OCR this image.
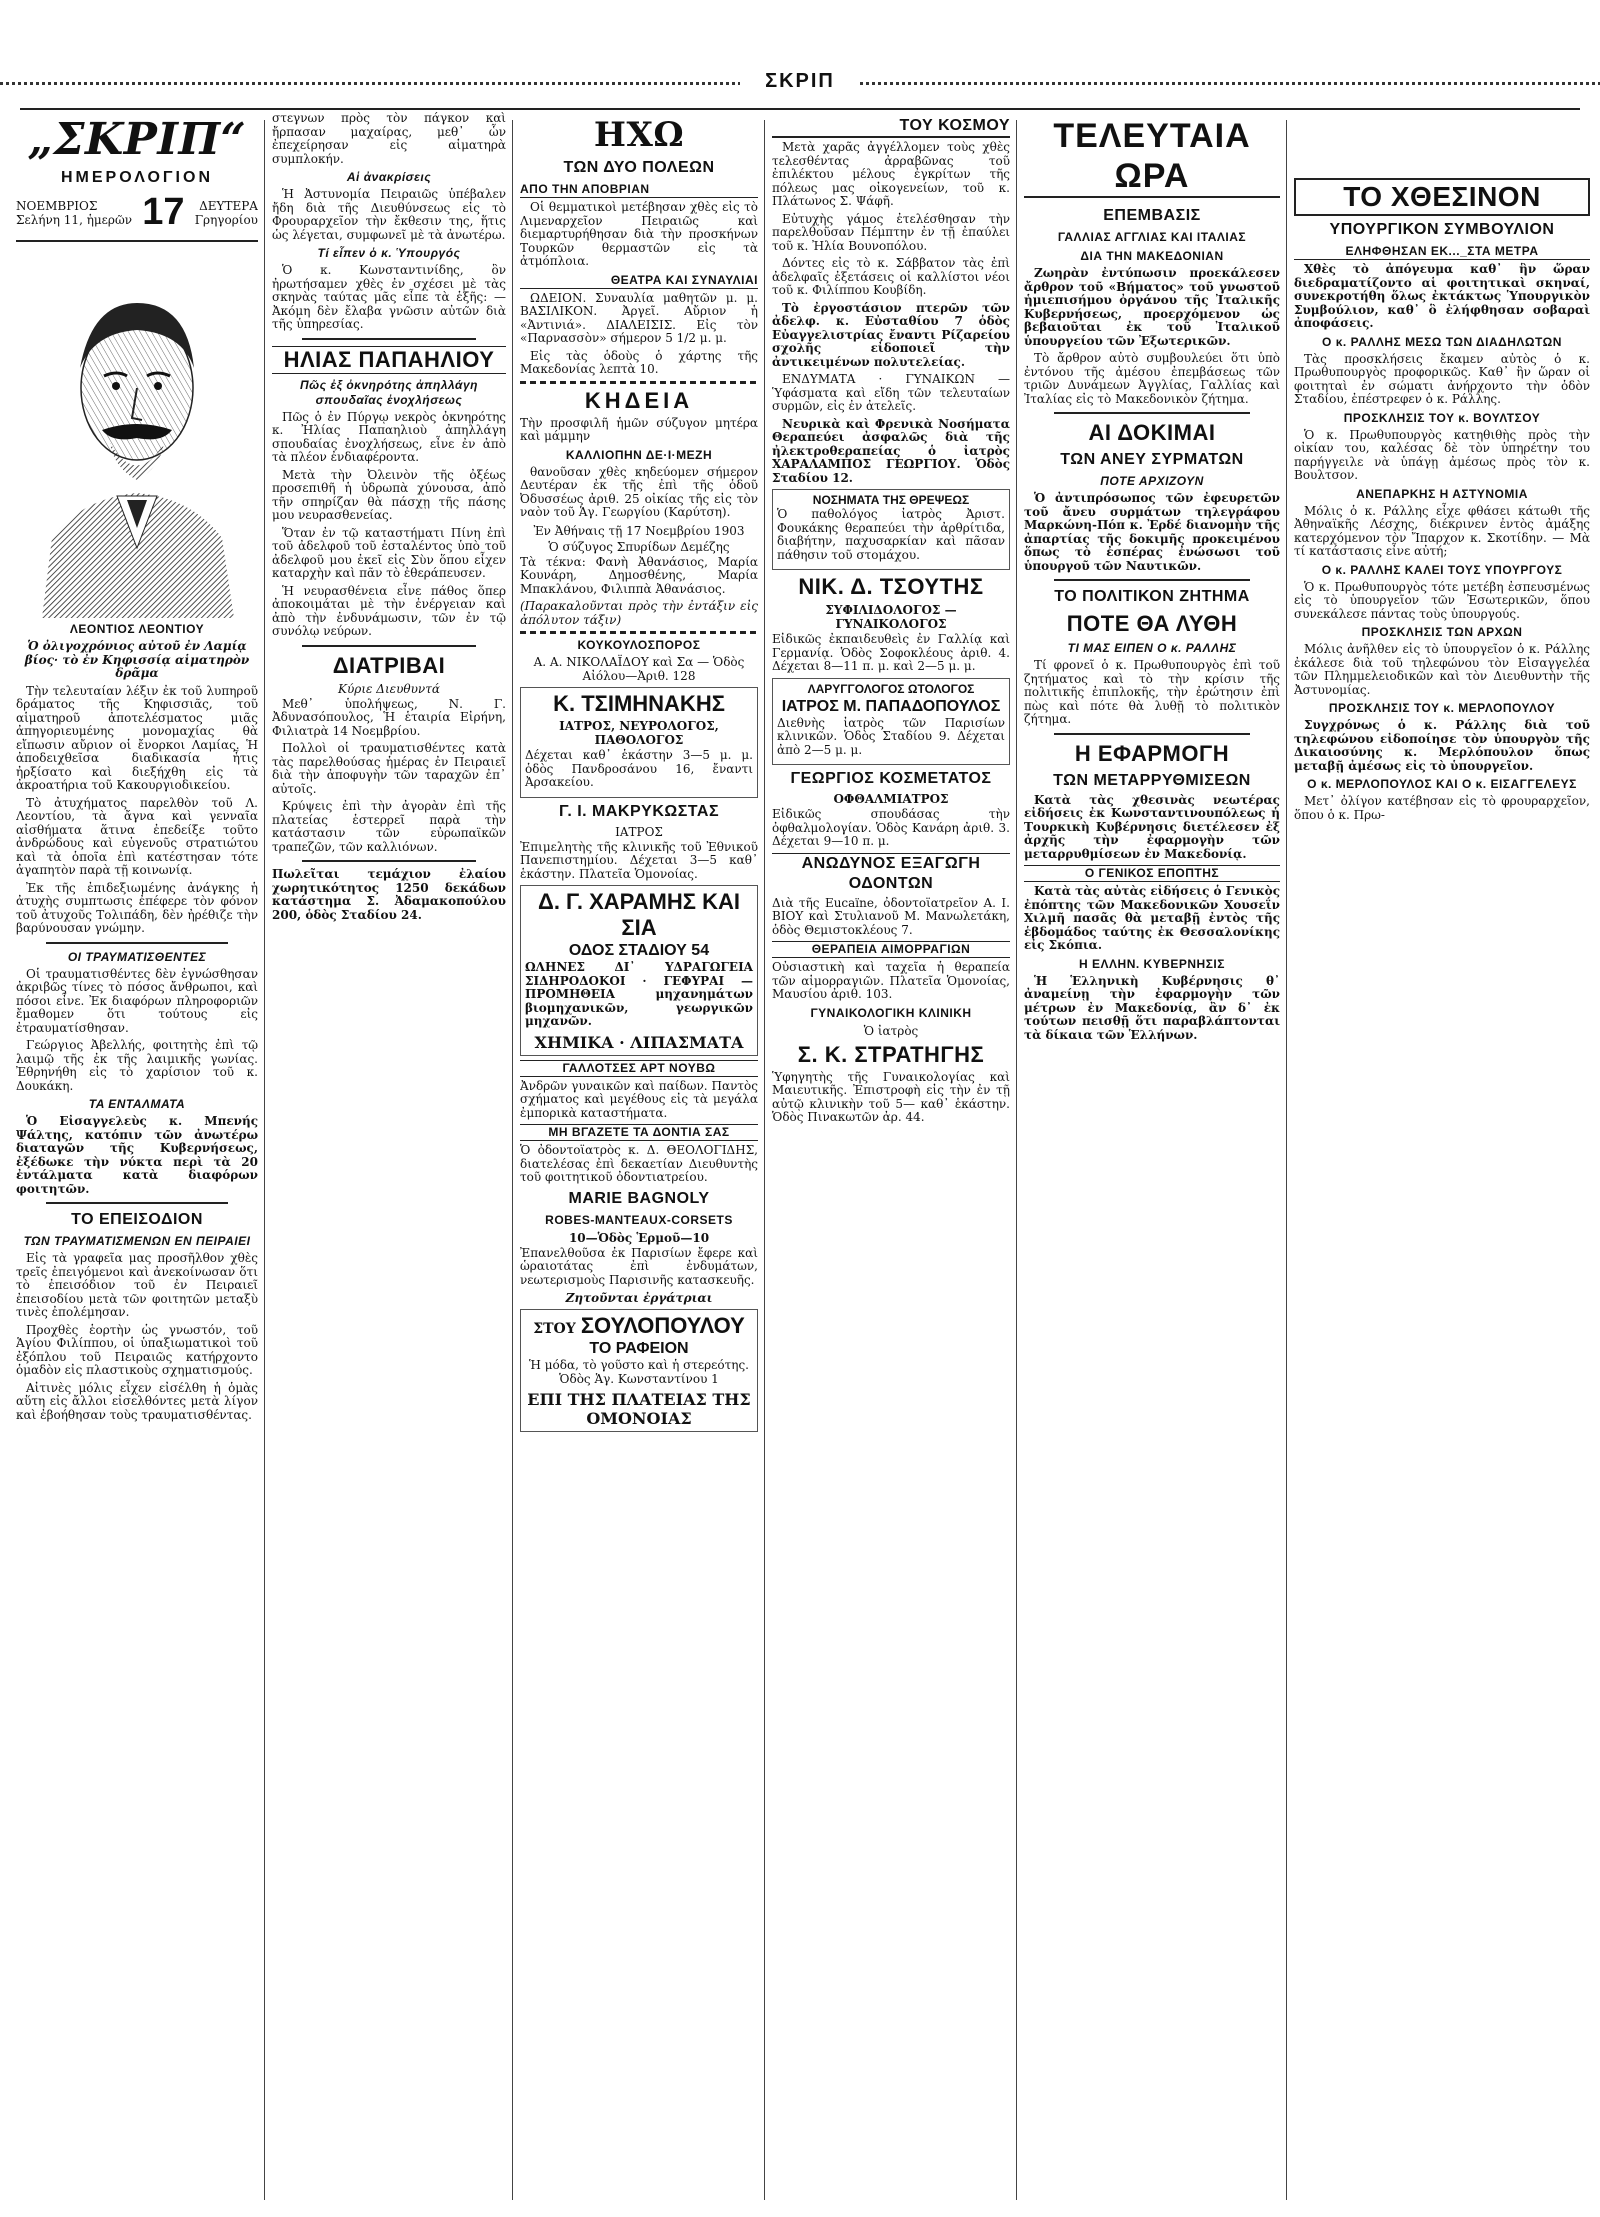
ΣΚΡΙΠ
„ΣΚΡΙΠ“
ΗΜΕΡΟΛΟΓΙΟΝ
ΝΟΕΜΒΡΙΟΣ
Σελήνη 11, ἡμερῶν 17	ΔΕΥΤΕΡΑ
Γρηγορίου
ΛΕΟΝΤΙΟΣ ΛΕΟΝΤΙΟΥ

Ὁ ὀλιγοχρόνιος αὐτοῦ ἐν Λαμίᾳ βίος· τὸ ἐν Κηφισσίᾳ αἱματηρὸν δρᾶμα

Τὴν τελευταίαν λέξιν ἐκ τοῦ λυπηροῦ δράματος τῆς Κηφισσιᾶς, τοῦ αἱματηροῦ ἀποτελέσματος μιᾶς ἀπηγοριευμένης μονομαχίας θὰ εἴπωσιν αὔριον οἱ ἔνορκοι Λαμίας. Ἡ ἀποδειχθεῖσα διαδικασία ἧτις ἠρξίσατο καὶ διεξήχθη εἰς τὰ ἀκροατήρια τοῦ Κακουργιοδικείου.

Τὸ ἀτυχήματος παρελθὸν τοῦ Λ. Λεοντίου, τὰ ἄγνα καὶ γενναῖα αἰσθήματα ἅτινα ἐπεδείξε τοῦτο ἀνδρώδους καὶ εὐγενοῦς στρατιώτου καὶ τὰ ὁποῖα ἐπὶ κατέστησαν τότε ἀγαπητὸν παρὰ τῇ κοινωνίᾳ.

Ἐκ τῆς ἐπιδεξιωμένης ἀνάγκης ἡ ἀτυχὴς συμπτωσις ἐπέφερε τὸν φόνον τοῦ ἀτυχοῦς Τολιπάδη, δὲν ἠρέθιζε τὴν βαρύνουσαν γνώμην.

ΟΙ ΤΡΑΥΜΑΤΙΣΘΕΝΤΕΣ

Οἱ τραυματισθέντες δὲν ἐγνώσθησαν ἀκριβῶς τίνες τὸ πόσος ἄνθρωποι, καὶ πόσοι εἶνε. Ἐκ διαφόρων πληροφοριῶν ἔμαθομεν ὅτι τούτους εἰς ἐτραυματίσθησαν.

Γεώργιος Ἀβελλής, φοιτητὴς ἐπὶ τῷ λαιμῷ τῆς ἐκ τῆς λαιμικῆς γωνίας. Ἐθρηνήθη εἰς τὸ χαρίσιον τοῦ κ. Δουκάκη.

ΤΑ ΕΝΤΑΛΜΑΤΑ

Ὁ Εἰσαγγελεὺς κ. Μπενής Ψάλτης, κατόπιν τῶν ἀνωτέρω διαταγῶν τῆς Κυβερνήσεως, ἐξέδωκε τὴν νύκτα περὶ τὰ 20 ἐντάλματα κατὰ διαφόρων φοιτητῶν.

ΤΟ ΕΠΕΙΣΟΔΙΟΝ
ΤΩΝ ΤΡΑΥΜΑΤΙΣΜΕΝΩΝ ΕΝ ΠΕΙΡΑΙΕΙ

Εἰς τὰ γραφεῖα μας προσῆλθον χθὲς τρεῖς ἐπειγόμενοι καὶ ἀνεκοίνωσαν ὅτι τὸ ἐπεισόδιον τοῦ ἐν Πειραιεῖ ἐπεισοδίου μετὰ τῶν φοιτητῶν μεταξὺ τινὲς ἐπολέμησαν.

Προχθὲς ἑορτὴν ὡς γνωστόν, τοῦ Ἁγίου Φιλίππου, οἱ ὑπαξιωματικοὶ τοῦ ἐξόπλου τοῦ Πειραιῶς κατήρχοντο ὁμαδὸν εἰς πλαστικοὺς σχηματισμούς.

Αἰτινὲς μόλις εἶχεν εἰσέλθη ἡ ὁμὰς αὕτη εἰς ἄλλοι εἰσελθόντες μετὰ λίγον καὶ ἐβοήθησαν τοὺς τραυματισθέντας.

στεγνων πρὸς τὸν πάγκον καὶ ἤρπασαν μαχαίρας, μεθ᾽ ὧν ἐπεχείρησαν εἰς αἱματηρὰ συμπλοκήν.

Αἱ ἀνακρίσεις

Ἡ Ἀστυνομία Πειραιῶς ὑπέβαλεν ἤδη διὰ τῆς Διευθύνσεως εἰς τὸ Φρουραρχεῖον τὴν ἔκθεσιν της, ἥτις ὡς λέγεται, συμφωνεῖ μὲ τὰ ἀνωτέρω.

Τί εἶπεν ὁ κ. Ὑπουργός

Ὁ κ. Κωνσταντινίδης, ὃν ἠρωτήσαμεν χθὲς ἐν σχέσει μὲ τὰς σκηνὰς ταύτας μᾶς εἶπε τὰ ἑξῆς: — Ἀκόμη δὲν ἔλαβα γνῶσιν αὐτῶν διὰ τῆς ὑπηρεσίας.

ΗΛΙΑΣ ΠΑΠΑΗΛΙΟΥ
Πῶς ἐξ ὀκνηρότης ἀπηλλάγη σπουδαῖας ἐνοχλήσεως

Πῶς ὁ ἐν Πύργῳ νεκρὸς ὀκνηρότης κ. Ἠλίας Παπαηλιοὺ ἀπηλλάγη σπουδαίας ἐνοχλήσεως, εἶνε ἐν ἀπὸ τὰ πλέον ἐνδιαφέροντα.

Μετὰ τὴν Ὀλεινὸν τῆς ὀξέως προσεπιθῆ ἡ ὑδρωπὰ χύνουσα, ἀπὸ τῆν σπηρίζαν θὰ πάσχῃ τῆς πάσης μου νευρασθενείας.

Ὅταν ἐν τῷ καταστήματι Πίνη ἐπὶ τοῦ ἀδελφοῦ τοῦ ἐσταλέντος ὑπὸ τοῦ ἀδελφοῦ μου ἐκεῖ εἰς Σὺν ὅπου εἶχεν καταρχὴν καὶ πᾶν τὸ ἐθεράπευσεν.

Ἡ νευρασθένεια εἶνε πάθος ὅπερ ἀποκοιμάται μὲ τὴν ἐνέργειαν καὶ ἀπὸ τὴν ἐνδυνάμωσιν, τῶν ἐν τῷ συνόλῳ νεύρων.

ΔΙΑΤΡΙΒΑΙ
Κύριε Διευθυντά

Μεθ᾽ ὑπολήψεως, Ν. Γ. Ἀδυνασόπουλος, Ἡ ἑταιρία Εἰρήνη, Φιλιατρὰ 14 Νοεμβρίου.

Πολλοὶ οἱ τραυματισθέντες κατὰ τὰς παρελθούσας ἡμέρας ἐν Πειραιεῖ διὰ τὴν ἀποφυγὴν τῶν ταραχῶν ἐπ᾽ αὐτοῖς.

Κρύψεις ἐπὶ τὴν ἀγορὰν ἐπὶ τῆς πλατείας ἑστερρεῖ παρὰ τὴν κατάστασιν τῶν εὐρωπαϊκῶν τραπεζῶν, τῶν καλλιόνων.

Πωλεῖται τεμάχιον ἐλαίου χωρητικότητος 1250 δεκάδων κατάστημα Σ. Ἀδαμακοπούλου 200, ὁδὸς Σταδίου 24.

ΗΧΩ
ΤΩΝ ΔΥΟ ΠΟΛΕΩΝ
ΑΠΟ ΤΗΝ ΑΠΟΒΡΙΑΝ

Οἱ θεμματικοὶ μετέβησαν χθὲς εἰς τὸ Λιμεναρχεῖον Πειραιῶς καὶ διεμαρτυρήθησαν διὰ τὴν προσκήνων Τουρκῶν θερμαστῶν εἰς τὰ ἀτμόπλοια.

ΘΕΑΤΡΑ ΚΑΙ ΣΥΝΑΥΛΙΑΙ

ΩΔΕΙΟΝ. Συναυλία μαθητῶν μ. μ. ΒΑΣΙΛΙΚΟΝ. Ἀργεῖ. Αὔριον ἡ «Ἀντινιά». ΔΙΑΛΕΙΣΙΣ. Εἰς τὸν «Παρνασσὸν» σήμερον 5 1/2 μ. μ.

Εἰς τὰς ὁδοὺς ὁ χάρτης τῆς Μακεδονίας λεπτὰ 10.

ΚΗΔΕΙΑ

Τὴν προσφιλῆ ἡμῶν σύζυγον μητέρα καὶ μάμμην

ΚΑΛΛΙΟΠΗΝ ΔΕ·Ι·ΜΕΖΗ

θανοῦσαν χθὲς κηδεύομεν σήμερον Δευτέραν ἐκ τῆς ἐπὶ τῆς ὁδοῦ Ὀδυσσέως ἀριθ. 25 οἰκίας τῆς εἰς τὸν ναὸν τοῦ Ἁγ. Γεωργίου (Καρύτση).

Ἐν Ἀθήναις τῇ 17 Νοεμβρίου 1903
Ὁ σύζυγος Σπυρίδων Δεμέζης

Τὰ τέκνα: Φανὴ Ἀθανάσιος, Μαρία Κουνάρη, Δημοσθένης, Μαρία Μπακλάνου, Φιλιππὰ Ἀθανάσιος.

(Παρακαλοῦνται πρὸς τὴν ἐντάξιν εἰς ἀπόλυτον τάξιν)

ΚΟΥΚΟΥΛΟΣΠΟΡΟΣ

Α. Α. ΝΙΚΟΛΑΪΔΟΥ καὶ Σα — Ὁδὸς Αἰόλου—Ἀριθ. 128

Κ. ΤΣΙΜΗΝΑΚΗΣ
ΙΑΤΡΟΣ, ΝΕΥΡΟΛΟΓΟΣ, ΠΑΘΟΛΟΓΟΣ

Δέχεται καθ᾽ ἑκάστην 3—5 μ. μ. ὁδὸς Πανδροσάνου 16, ἔναντι Ἀρσακείου.

Γ. Ι. ΜΑΚΡΥΚΩΣΤΑΣ
ΙΑΤΡΟΣ

Ἐπιμελητὴς τῆς κλινικῆς τοῦ Ἐθνικοῦ Πανεπιστημίου. Δέχεται 3—5 καθ᾽ ἑκάστην. Πλατεῖα Ὁμονοίας.

Δ. Γ. ΧΑΡΑΜΗΣ ΚΑΙ ΣΙΑ
ΟΔΟΣ ΣΤΑΔΙΟΥ 54

ΩΛΗΝΕΣ ΔΙ᾽ ΥΔΡΑΓΩΓΕΙΑ ΣΙΔΗΡΟΔΟΚΟΙ · ΓΕΦΥΡΑΙ — ΠΡΟΜΗΘΕΙΑ μηχανημάτων βιομηχανικῶν, γεωργικῶν μηχανῶν.

ΧΗΜΙΚΑ · ΛΙΠΑΣΜΑΤΑ
ΓΑΛΛΟΤΣΕΣ ΑΡΤ ΝΟΥΒΩ

Ἀνδρῶν γυναικῶν καὶ παίδων. Παντὸς σχήματος καὶ μεγέθους εἰς τὰ μεγάλα ἐμπορικὰ καταστήματα.

ΜΗ ΒΓΑΖΕΤΕ ΤΑ ΔΟΝΤΙΑ ΣΑΣ

Ὁ ὀδοντοϊατρὸς κ. Δ. ΘΕΟΛΟΓΙΔΗΣ, διατελέσας ἐπὶ δεκαετίαν Διευθυντὴς τοῦ φοιτητικοῦ ὀδοντιατρείου.

MARIE BAGNOLY
ROBES-MANTEAUX-CORSETS
10—Ὁδὸς Ἑρμοῦ—10

Ἐπανελθοῦσα ἐκ Παρισίων ἔφερε καὶ ὡραιοτάτας ἐπὶ ἐνδυμάτων, νεωτερισμοὺς Παρισινῆς κατασκευῆς.

Ζητοῦνται ἐργάτριαι
ΣΤΟΥ ΣΟΥΛΟΠΟΥΛΟΥ
ΤΟ ΡΑΦΕΙΟΝ

Ἡ μόδα, τὸ γοῦστο καὶ ἡ στερεότης. Ὁδὸς Ἁγ. Κωνσταντίνου 1

ΕΠΙ ΤΗΣ ΠΛΑΤΕΙΑΣ ΤΗΣ ΟΜΟΝΟΙΑΣ
ΤΟΥ ΚΟΣΜΟΥ

Μετὰ χαρᾶς ἀγγέλλομεν τοὺς χθὲς τελεσθέντας ἀρραβῶνας τοῦ ἐπιλέκτου μέλους ἐγκρίτων τῆς πόλεως μας οἰκογενείων, τοῦ κ. Πλάτωνος Σ. Ψάφῆ.

Εὐτυχὴς γάμος ἐτελέσθησαν τὴν παρελθοῦσαν Πέμπτην ἐν τῇ ἐπαύλει τοῦ κ. Ἠλία Βουνοπόλου.

Δόντες εἰς τὸ κ. Σάββατον τὰς ἐπὶ ἀδελφαῖς ἐξετάσεις οἱ καλλίστοι νέοι τοῦ κ. Φιλίππου Κουβίδη.

Τὸ ἐργοστάσιον πτερῶν τῶν ἀδελφ. κ. Εὐσταθίου 7 ὁδὸς Εὐαγγελιστρίας ἔναντι Ρίζαρείου σχολῆς εἰδοποιεῖ τὴν ἀντικειμένων πολυτελείας.

ΕΝΔΥΜΑΤΑ · ΓΥΝΑΙΚΩΝ — Ὑφάσματα καὶ εἴδη τῶν τελευταίων συρμῶν, εἰς ἐν ἀτελεῖς.

Νευρικὰ καὶ Φρενικὰ Νοσήματα Θεραπεύει ἀσφαλῶς διὰ τῆς ἠλεκτροθεραπείας ὁ ἰατρὸς ΧΑΡΑΛΑΜΠΟΣ ΓΕΩΡΓΙΟΥ. Ὁδὸς Σταδίου 12.

ΝΟΣΗΜΑΤΑ ΤΗΣ ΘΡΕΨΕΩΣ

Ὁ παθολόγος ἰατρὸς Ἀριστ. Φουκάκης θεραπεύει τὴν ἀρθρίτιδα, διαβήτην, παχυσαρκίαν καὶ πᾶσαν πάθησιν τοῦ στομάχου.

ΝΙΚ. Δ. ΤΣΟΥΤΗΣ
ΣΥΦΙΛΙΔΟΛΟΓΟΣ — ΓΥΝΑΙΚΟΛΟΓΟΣ

Εἰδικῶς ἐκπαιδευθεὶς ἐν Γαλλίᾳ καὶ Γερμανίᾳ. Ὁδὸς Σοφοκλέους ἀριθ. 4. Δέχεται 8—11 π. μ. καὶ 2—5 μ. μ.

ΛΑΡΥΓΓΟΛΟΓΟΣ ΩΤΟΛΟΓΟΣ
ΙΑΤΡΟΣ Μ. ΠΑΠΑΔΟΠΟΥΛΟΣ

Διεθνὴς ἰατρὸς τῶν Παρισίων κλινικῶν. Ὁδὸς Σταδίου 9. Δέχεται ἀπὸ 2—5 μ. μ.

ΓΕΩΡΓΙΟΣ ΚΟΣΜΕΤΑΤΟΣ
ΟΦΘΑΛΜΙΑΤΡΟΣ

Εἰδικῶς σπουδάσας τὴν ὀφθαλμολογίαν. Ὁδὸς Κανάρη ἀριθ. 3. Δέχεται 9—10 π. μ.

ΑΝΩΔΥΝΟΣ ΕΞΑΓΩΓΗ ΟΔΟΝΤΩΝ

Διὰ τῆς Eucaïne, ὀδοντοϊατρεῖον Α. Ι. ΒΙΟΥ καὶ Στυλιανοῦ Μ. Μανωλετάκη, ὁδὸς Θεμιστοκλέους 7.

ΘΕΡΑΠΕΙΑ ΑΙΜΟΡΡΑΓΙΩΝ

Οὐσιαστικὴ καὶ ταχεῖα ἡ θεραπεία τῶν αἱμορραγιῶν. Πλατεῖα Ὁμονοίας, Μαυσίου ἀριθ. 103.

ΓΥΝΑΙΚΟΛΟΓΙΚΗ ΚΛΙΝΙΚΗ
Ὁ ἰατρὸς
Σ. Κ. ΣΤΡΑΤΗΓΗΣ

Ὑφηγητὴς τῆς Γυναικολογίας καὶ Μαιευτικῆς. Ἐπιστροφὴ εἰς τὴν ἐν τῇ αὐτῷ κλινικὴν τοῦ 5— καθ᾽ ἑκάστην. Ὁδὸς Πινακωτῶν ἀρ. 44.

ΤΕΛΕΥΤΑΙΑ ΩΡΑ
ΕΠΕΜΒΑΣΙΣ
ΓΑΛΛΙΑΣ ΑΓΓΛΙΑΣ ΚΑΙ ΙΤΑΛΙΑΣ
ΔΙΑ ΤΗΝ ΜΑΚΕΔΟΝΙΑΝ

Ζωηρὰν ἐντύπωσιν προεκάλεσεν ἄρθρον τοῦ «Βήματος» τοῦ γνωστοῦ ἡμιεπισήμου ὀργάνου τῆς Ἰταλικῆς Κυβερνήσεως, προερχόμενον ὡς βεβαιοῦται ἐκ τοῦ Ἰταλικοῦ ὑπουργείου τῶν Ἐξωτερικῶν.

Τὸ ἄρθρον αὐτὸ συμβουλεύει ὅτι ὑπὸ ἐντόνου τῆς ἀμέσου ἐπεμβάσεως τῶν τριῶν Δυνάμεων Ἀγγλίας, Γαλλίας καὶ Ἰταλίας εἰς τὸ Μακεδονικὸν ζήτημα.

ΑΙ ΔΟΚΙΜΑΙ
ΤΩΝ ΑΝΕΥ ΣΥΡΜΑΤΩΝ
ΠΟΤΕ ΑΡΧΙΖΟΥΝ

Ὁ ἀντιπρόσωπος τῶν ἐφευρετῶν τοῦ ἄνευ συρμάτων τηλεγράφου Μαρκώνη-Πόπ κ. Ἐρδέ διανομὴν τῆς ἀπαρτίας τῆς δοκιμῆς προκειμένου ὅπως τὸ ἐσπέρας ἐνώσωσι τοῦ ὑπουργοῦ τῶν Ναυτικῶν.

ΤΟ ΠΟΛΙΤΙΚΟΝ ΖΗΤΗΜΑ
ΠΟΤΕ ΘΑ ΛΥΘΗ
ΤΙ ΜΑΣ ΕΙΠΕΝ Ο κ. ΡΑΛΛΗΣ

Τί φρονεῖ ὁ κ. Πρωθυπουργὸς ἐπὶ τοῦ ζητήματος καὶ τὸ τὴν κρίσιν τῆς πολιτικῆς ἐπιπλοκῆς, τὴν ἐρώτησιν ἐπὶ πὼς καὶ πότε θὰ λυθῇ τὸ πολιτικὸν ζήτημα.

Η ΕΦΑΡΜΟΓΗ
ΤΩΝ ΜΕΤΑΡΡΥΘΜΙΣΕΩΝ

Κατὰ τὰς χθεσινὰς νεωτέρας εἰδήσεις ἐκ Κωνσταντινουπόλεως ἡ Τουρκικὴ Κυβέρνησις διετέλεσεν ἐξ ἀρχῆς τὴν ἐφαρμογὴν τῶν μεταρρυθμίσεων ἐν Μακεδονίᾳ.

Ο ΓΕΝΙΚΟΣ ΕΠΟΠΤΗΣ

Κατὰ τὰς αὐτὰς εἰδήσεις ὁ Γενικὸς ἐπόπτης τῶν Μακεδονικῶν Χουσεΐν Χιλμῆ πασᾶς θὰ μεταβῇ ἐντὸς τῆς ἑβδομάδος ταύτης ἐκ Θεσσαλονίκης εἰς Σκόπια.

Η ΕΛΛΗΝ. ΚΥΒΕΡΝΗΣΙΣ

Ἡ Ἑλληνικὴ Κυβέρνησις θ᾽ ἀναμείνῃ τὴν ἐφαρμογὴν τῶν μέτρων ἐν Μακεδονίᾳ, ἂν δ᾽ ἐκ τούτων πεισθῇ ὅτι παραβλάπτονται τὰ δίκαια τῶν Ἑλλήνων.

ΤΟ ΧΘΕΣΙΝΟΝ
ΥΠΟΥΡΓΙΚΟΝ ΣΥΜΒΟΥΛΙΟΝ
ΕΛΗΦΘΗΣΑΝ ΕΚ..._ΣΤΑ ΜΕΤΡΑ

Χθὲς τὸ ἀπόγευμα καθ᾽ ἣν ὥραν διεδραματίζοντο αἱ φοιτητικαὶ σκηναί, συνεκροτήθη ὅλως ἐκτάκτως Ὑπουργικὸν Συμβούλιον, καθ᾽ ὃ ἐλήφθησαν σοβαραὶ ἀποφάσεις.

Ο κ. ΡΑΛΛΗΣ ΜΕΣΩ ΤΩΝ ΔΙΑΔΗΛΩΤΩΝ

Τὰς προσκλήσεις ἔκαμεν αὐτὸς ὁ κ. Πρωθυπουργὸς προφορικῶς. Καθ᾽ ἣν ὥραν οἱ φοιτηταὶ ἐν σώματι ἀνήρχοντο τὴν ὁδὸν Σταδίου, ἐπέστρεφεν ὁ κ. Ράλλης.

ΠΡΟΣΚΛΗΣΙΣ ΤΟΥ κ. ΒΟΥΛΤΣΟΥ

Ὁ κ. Πρωθυπουργὸς κατηθιθὴς πρὸς τὴν οἰκίαν του, καλέσας δὲ τὸν ὑπηρέτην του παρήγγειλε νὰ ὑπάγῃ ἀμέσως πρὸς τὸν κ. Βουλτσον.

ΑΝΕΠΑΡΚΗΣ Η ΑΣΤΥΝΟΜΙΑ

Μόλις ὁ κ. Ράλλης εἶχε φθάσει κάτωθι τῆς Ἀθηναϊκῆς Λέσχης, διέκρινεν ἐντὸς ἀμάξης κατερχόμενον τὸν Ἴπαρχον κ. Σκοτίδην. — Μὰ τί κατάστασις εἶνε αὐτή;

Ο κ. ΡΑΛΛΗΣ ΚΑΛΕΙ ΤΟΥΣ ΥΠΟΥΡΓΟΥΣ

Ὁ κ. Πρωθυπουργὸς τότε μετέβη ἐσπευσμένως εἰς τὸ ὑπουργεῖον τῶν Ἐσωτερικῶν, ὅπου συνεκάλεσε πάντας τοὺς ὑπουργούς.

ΠΡΟΣΚΛΗΣΙΣ ΤΩΝ ΑΡΧΩΝ

Μόλις ἀνῆλθεν εἰς τὸ ὑπουργεῖον ὁ κ. Ράλλης ἐκάλεσε διὰ τοῦ τηλεφώνου τὸν Εἰσαγγελέα τῶν Πλημμελειοδικῶν καὶ τὸν Διευθυντὴν τῆς Ἀστυνομίας.

ΠΡΟΣΚΛΗΣΙΣ ΤΟΥ κ. ΜΕΡΛΟΠΟΥΛΟΥ

Συγχρόνως ὁ κ. Ράλλης διὰ τοῦ τηλεφώνου εἰδοποίησε τὸν ὑπουργὸν τῆς Δικαιοσύνης κ. Μερλόπουλον ὅπως μεταβῇ ἀμέσως εἰς τὸ ὑπουργεῖον.

Ο κ. ΜΕΡΛΟΠΟΥΛΟΣ ΚΑΙ Ο κ. ΕΙΣΑΓΓΕΛΕΥΣ

Μετ᾽ ὀλίγον κατέβησαν εἰς τὸ φρουραρχεῖον, ὅπου ὁ κ. Πρω-
